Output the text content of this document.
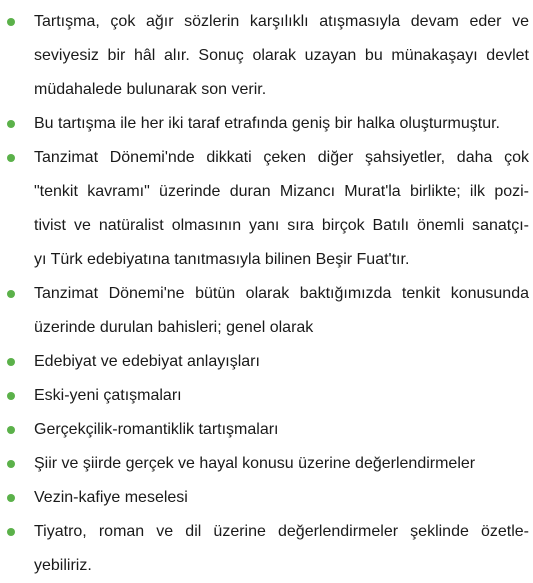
Tartışma, çok ağır sözlerin karşılıklı atışmasıyla devam eder ve
seviyesiz bir hâl alır. Sonuç olarak uzayan bu münakaşayı devlet
müdahalede bulunarak son verir.
Bu tartışma ile her iki taraf etrafında geniş bir halka oluşturmuştur.
Tanzimat Dönemi'nde dikkati çeken diğer şahsiyetler, daha çok
"tenkit kavramı" üzerinde duran Mizancı Murat'la birlikte; ilk pozi-
tivist ve natüralist olmasının yanı sıra birçok Batılı önemli sanatçı-
yı Türk edebiyatına tanıtmasıyla bilinen Beşir Fuat'tır.
Tanzimat Dönemi'ne bütün olarak baktığımızda tenkit konusunda
üzerinde durulan bahisleri; genel olarak
Edebiyat ve edebiyat anlayışları
Eski-yeni çatışmaları
Gerçekçilik-romantiklik tartışmaları
Şiir ve şiirde gerçek ve hayal konusu üzerine değerlendirmeler
Vezin-kafiye meselesi
Tiyatro, roman ve dil üzerine değerlendirmeler şeklinde özetle-
yebiliriz.
